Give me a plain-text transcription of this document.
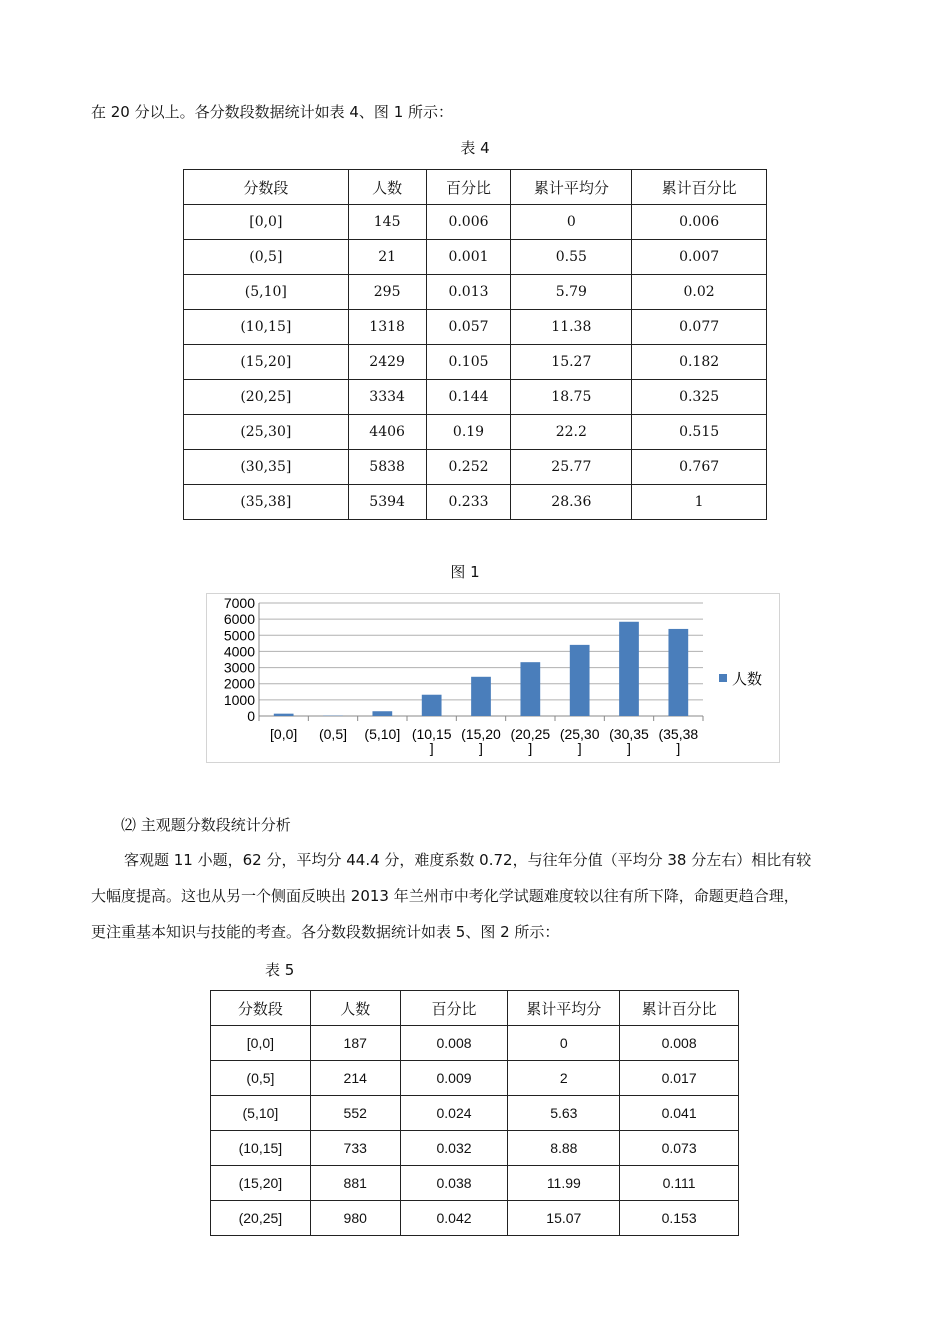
在 20 分以上。各分数段数据统计如表 4、图 1 所示：
表 4
分数段	人数	百分比	累计平均分	累计百分比
[0,0]	145	0.006	0	0.006
(0,5]	21	0.001	0.55	0.007
(5,10]	295	0.013	5.79	0.02
(10,15]	1318	0.057	11.38	0.077
(15,20]	2429	0.105	15.27	0.182
(20,25]	3334	0.144	18.75	0.325
(25,30]	4406	0.19	22.2	0.515
(30,35]	5838	0.252	25.77	0.767
(35,38]	5394	0.233	28.36	1
图 1
0
1000
2000
3000
4000
5000
6000
7000
[0,0] (0,5] (5,10] (10,15
]
(15,20
]
(20,25
]
(25,30
]
(30,35
]
(35,38
]
人数
⑵ 主观题分数段统计分析
客观题 11 小题，62 分，平均分 44.4 分，难度系数 0.72，与往年分值（平均分 38 分左右）相比有较
大幅度提高。这也从另一个侧面反映出 2013 年兰州市中考化学试题难度较以往有所下降，命题更趋合理，
更注重基本知识与技能的考查。各分数段数据统计如表 5、图 2 所示：
表 5
分数段	人数	百分比	累计平均分	累计百分比
[0,0]	187	0.008	0	0.008
(0,5]	214	0.009	2	0.017
(5,10]	552	0.024	5.63	0.041
(10,15]	733	0.032	8.88	0.073
(15,20]	881	0.038	11.99	0.111
(20,25]	980	0.042	15.07	0.153
